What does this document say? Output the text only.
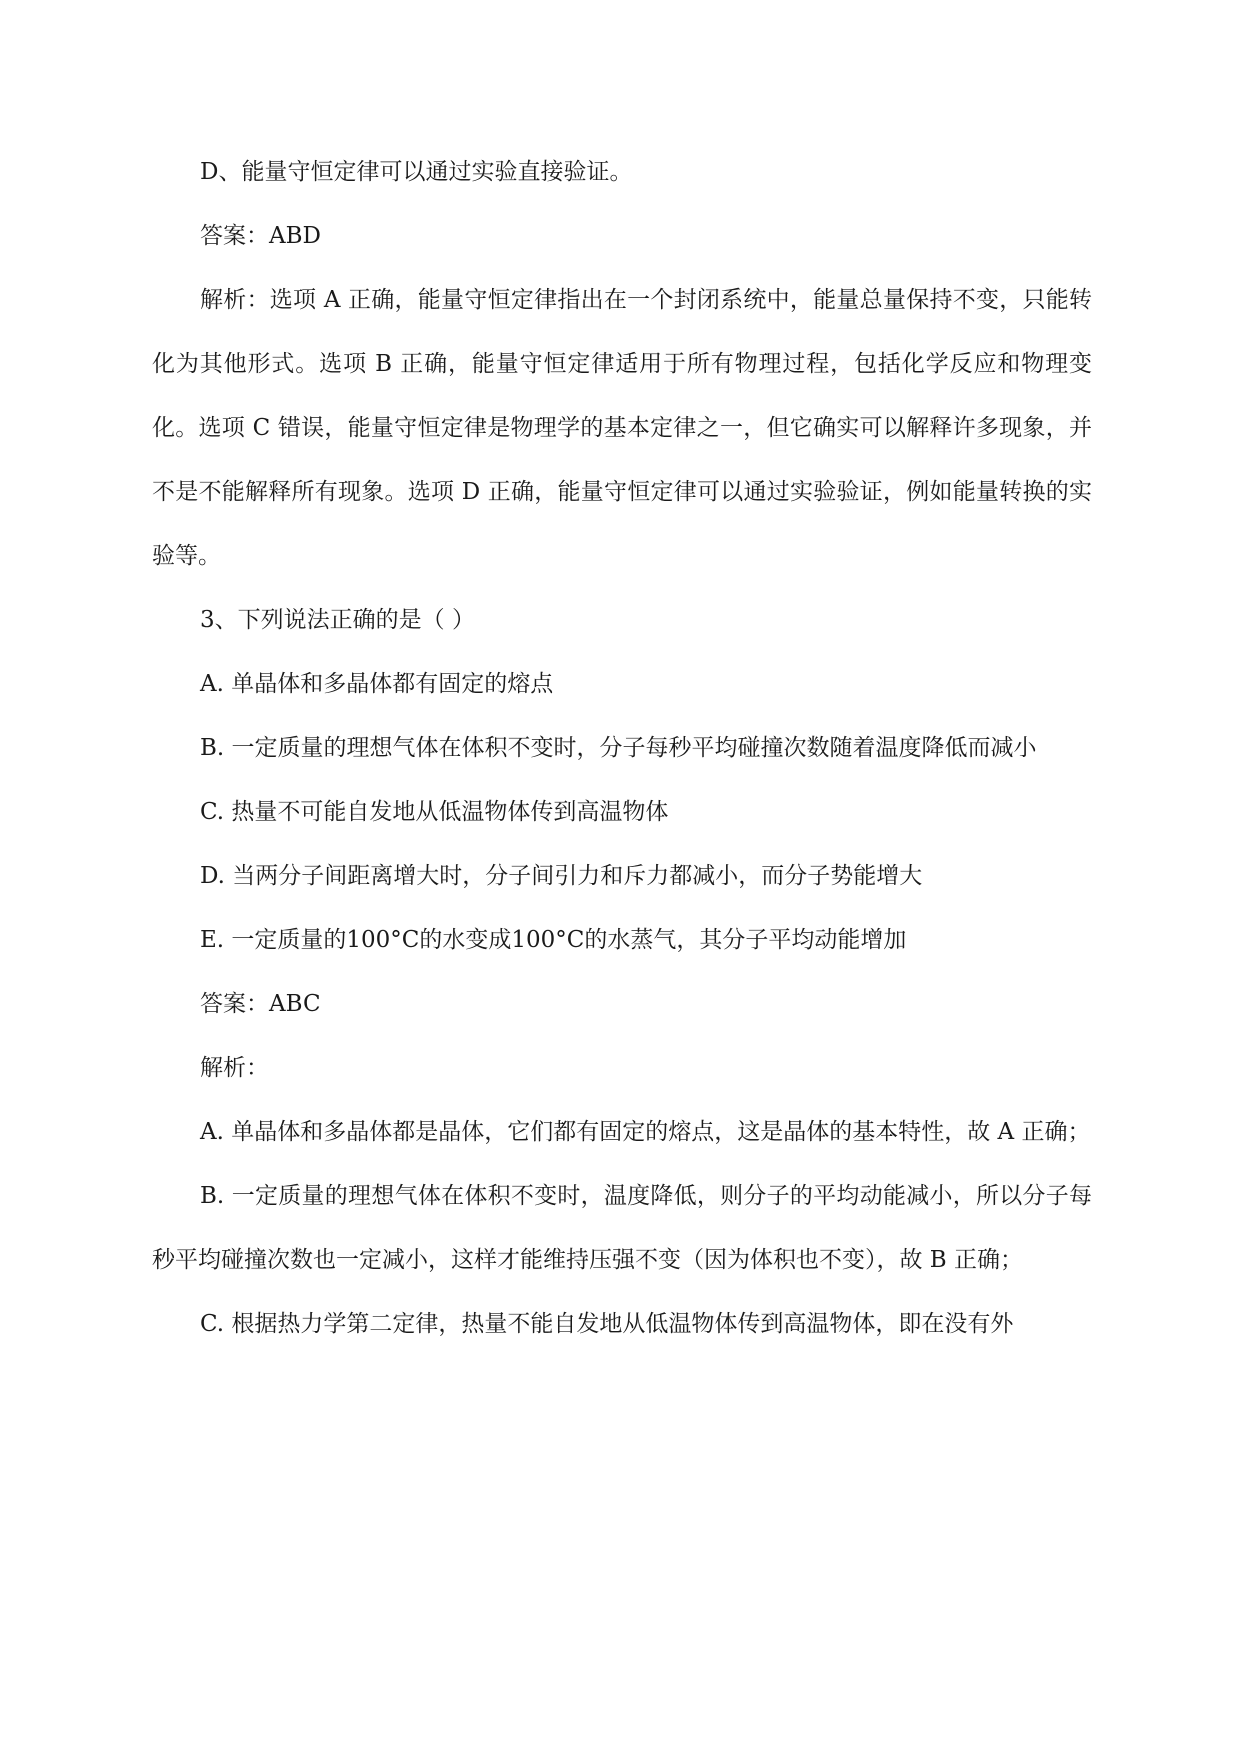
D、能量守恒定律可以通过实验直接验证。

答案：ABD

解析：选项 A 正确，能量守恒定律指出在一个封闭系统中，能量总量保持不变，只能转化为其他形式。选项 B 正确，能量守恒定律适用于所有物理过程，包括化学反应和物理变化。选项 C 错误，能量守恒定律是物理学的基本定律之一，但它确实可以解释许多现象，并不是不能解释所有现象。选项 D 正确，能量守恒定律可以通过实验验证，例如能量转换的实验等。

3、下列说法正确的是（ ）

A. 单晶体和多晶体都有固定的熔点

B. 一定质量的理想气体在体积不变时，分子每秒平均碰撞次数随着温度降低而减小

C. 热量不可能自发地从低温物体传到高温物体

D. 当两分子间距离增大时，分子间引力和斥力都减小，而分子势能增大

E. 一定质量的100°C的水变成100°C的水蒸气，其分子平均动能增加

答案：ABC

解析：

A. 单晶体和多晶体都是晶体，它们都有固定的熔点，这是晶体的基本特性，故 A 正确；

B. 一定质量的理想气体在体积不变时，温度降低，则分子的平均动能减小，所以分子每秒平均碰撞次数也一定减小，这样才能维持压强不变（因为体积也不变），故 B 正确；

C. 根据热力学第二定律，热量不能自发地从低温物体传到高温物体，即在没有外
